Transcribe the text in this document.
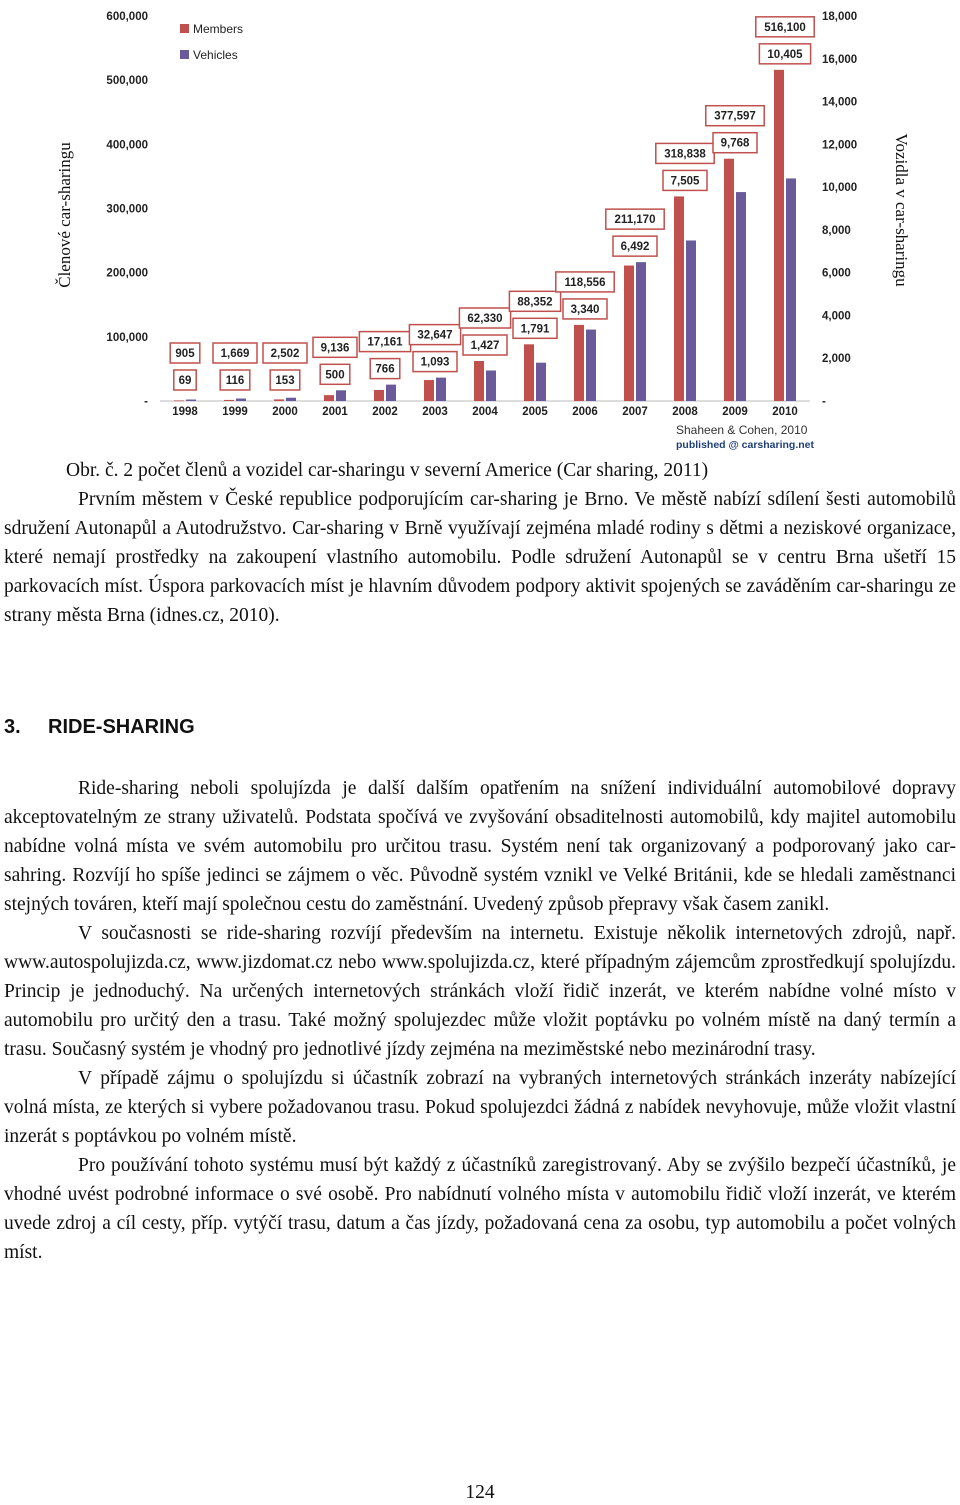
600,000
500,000
400,000
300,000
200,000
100,000
-
18,000
16,000
14,000
12,000
10,000
8,000
6,000
4,000
2,000
-
Members
Vehicles
1998 1999 2000 2001 2002 2003 2004 2005 2006 2007 2008 2009 2010
905
69
1,669
116
2,502
153
9,136
500
17,161
766
32,647
1,093
62,330
1,427
88,352
1,791
118,556
3,340
211,170
6,492
318,838
7,505
377,597
9,768
516,100
10,405
Shaheen & Cohen, 2010
published @ carsharing.net
Členové car-sharingu	Vozidla v car-sharingu
Obr. č. 2 počet členů a vozidel car-sharingu v severní Americe (Car sharing, 2011)

Prvním městem v České republice podporujícím car-sharing je Brno. Ve městě nabízí sdílení šesti automobilů sdružení Autonapůl a Autodružstvo. Car-sharing v Brně využívají zejména mladé rodiny s dětmi a neziskové organizace, které nemají prostředky na zakoupení vlastního automobilu. Podle sdružení Autonapůl se v centru Brna ušetří 15 parkovacích míst. Úspora parkovacích míst je hlavním důvodem podpory aktivit spojených se zaváděním car-sharingu ze strany města Brna (idnes.cz, 2010).

3. RIDE-SHARING

Ride-sharing neboli spolujízda je další dalším opatřením na snížení individuální automobilové dopravy akceptovatelným ze strany uživatelů. Podstata spočívá ve zvyšování obsaditelnosti automobilů, kdy majitel automobilu nabídne volná místa ve svém automobilu pro určitou trasu. Systém není tak organizovaný a podporovaný jako car-sahring. Rozvíjí ho spíše jedinci se zájmem o věc. Původně systém vznikl ve Velké Británii, kde se hledali zaměstnanci stejných továren, kteří mají společnou cestu do zaměstnání. Uvedený způsob přepravy však časem zanikl.

V současnosti se ride-sharing rozvíjí především na internetu. Existuje několik internetových zdrojů, např. www.autospolujizda.cz, www.jizdomat.cz nebo www.spolujizda.cz, které případným zájemcům zprostředkují spolujízdu. Princip je jednoduchý. Na určených internetových stránkách vloží řidič inzerát, ve kterém nabídne volné místo v automobilu pro určitý den a trasu. Také možný spolujezdec může vložit poptávku po volném místě na daný termín a trasu. Současný systém je vhodný pro jednotlivé jízdy zejména na meziměstské nebo mezinárodní trasy.

V případě zájmu o spolujízdu si účastník zobrazí na vybraných internetových stránkách inzeráty nabízející volná místa, ze kterých si vybere požadovanou trasu. Pokud spolujezdci žádná z nabídek nevyhovuje, může vložit vlastní inzerát s poptávkou po volném místě.

Pro používání tohoto systému musí být každý z účastníků zaregistrovaný. Aby se zvýšilo bezpečí účastníků, je vhodné uvést podrobné informace o své osobě. Pro nabídnutí volného místa v automobilu řidič vloží inzerát, ve kterém uvede zdroj a cíl cesty, příp. vytýčí trasu, datum a čas jízdy, požadovaná cena za osobu, typ automobilu a počet volných míst.

124
